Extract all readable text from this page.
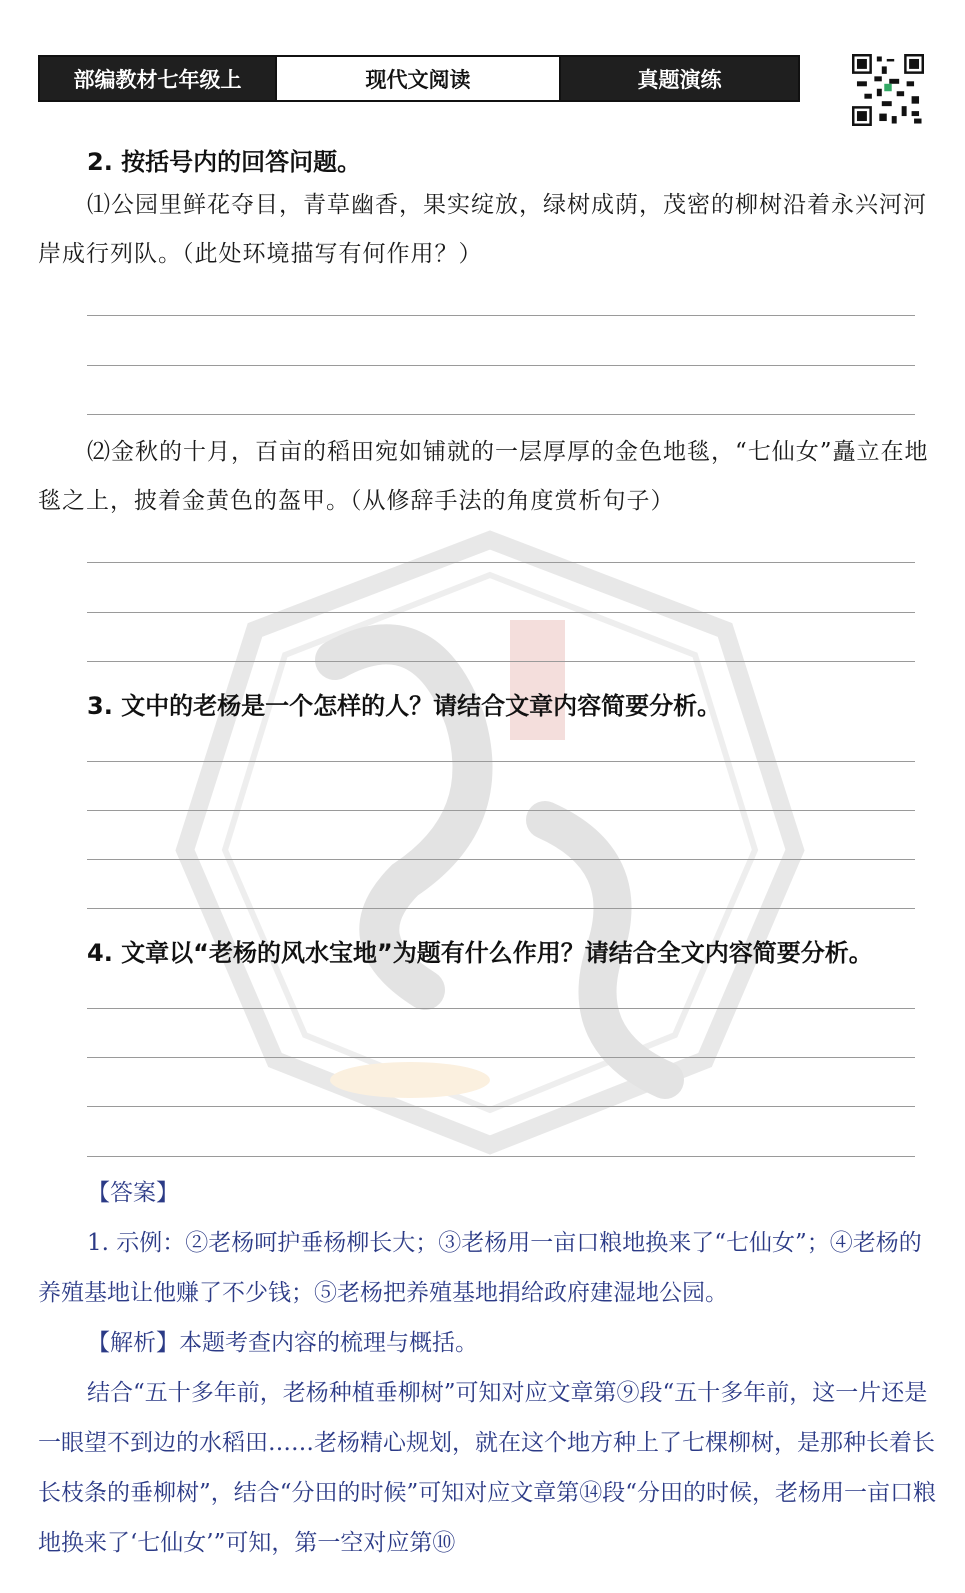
部编教材七年级上	现代文阅读	真题演练
2. 按括号内的回答问题。
⑴公园里鲜花夺目，青草幽香，果实绽放，绿树成荫，茂密的柳树沿着永兴河河岸成行列队。（此处环境描写有何作用？）
⑵金秋的十月，百亩的稻田宛如铺就的一层厚厚的金色地毯，“七仙女”矗立在地毯之上，披着金黄色的盔甲。（从修辞手法的角度赏析句子）
3. 文中的老杨是一个怎样的人？请结合文章内容简要分析。
4. 文章以“老杨的风水宝地”为题有什么作用？请结合全文内容简要分析。
【答案】
1. 示例：②老杨呵护垂杨柳长大；③老杨用一亩口粮地换来了“七仙女”；④老杨的养殖基地让他赚了不少钱；⑤老杨把养殖基地捐给政府建湿地公园。
【解析】本题考查内容的梳理与概括。
结合“五十多年前，老杨种植垂柳树”可知对应文章第⑨段“五十多年前，这一片还是一眼望不到边的水稻田……老杨精心规划，就在这个地方种上了七棵柳树，是那种长着长长枝条的垂柳树”，结合“分田的时候”可知对应文章第⑭段“分田的时候，老杨用一亩口粮地换来了‘七仙女’”可知，第一空对应第⑩
